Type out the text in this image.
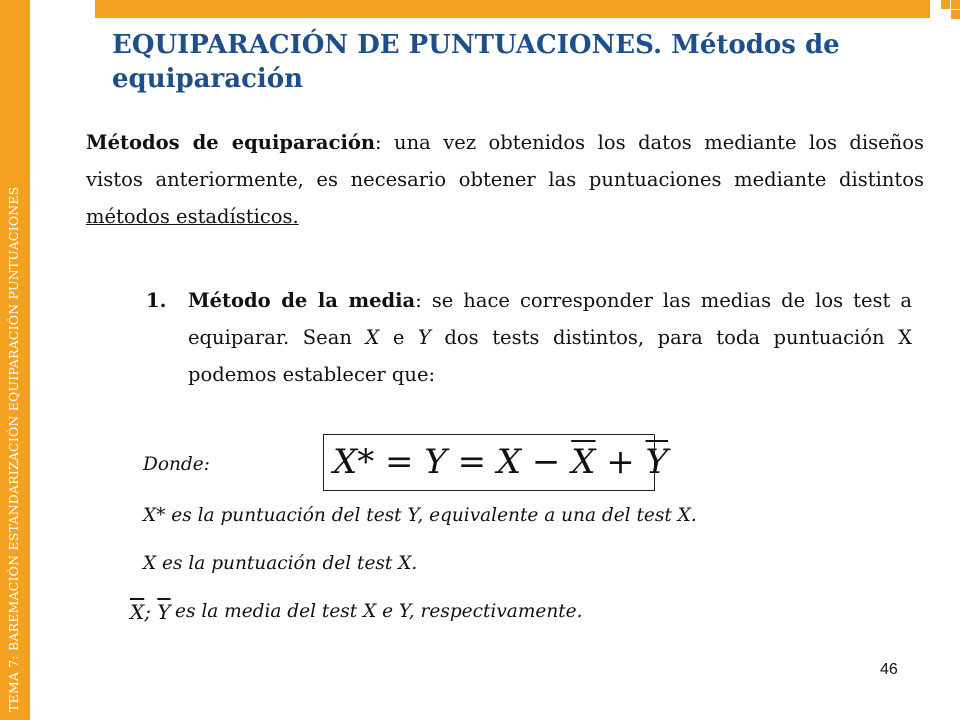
TEMA 7: BAREMACIÓN ESTANDARIZACIÓN EQUIPARACIÓN PUNTUACIONES
EQUIPARACIÓN DE PUNTUACIONES. Métodos de equiparación
Métodos de equiparación: una vez obtenidos los datos mediante los diseños vistos anteriormente, es necesario obtener las puntuaciones mediante distintos métodos estadísticos.
1.	Método de la media: se hace corresponder las medias de los test a equiparar. Sean X e Y dos tests distintos, para toda puntuación X podemos establecer que:
$X* = Y = X - \overline{X} + \overline{Y}$
Donde:
X* es la puntuación del test Y, equivalente a una del test X.
X es la puntuación del test X.
$\overline{X}$; $\overline{Y}$ es la media del test X e Y, respectivamente.
46
